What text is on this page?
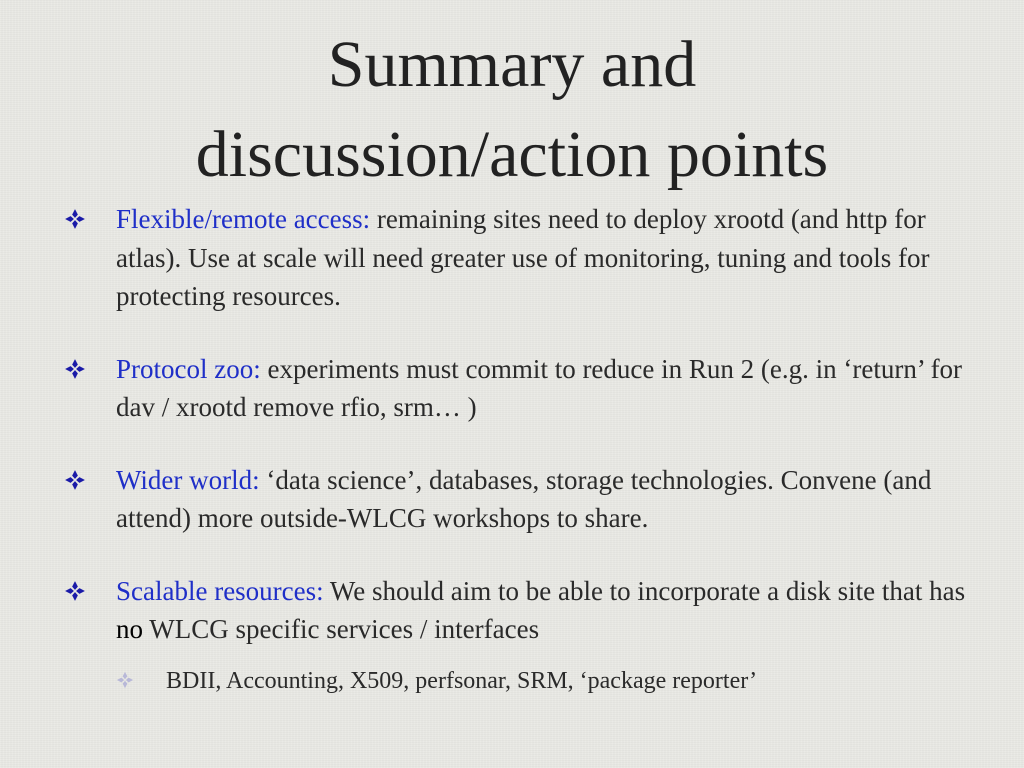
Summary and
discussion/action points
Flexible/remote access: remaining sites need to deploy xrootd (and http for atlas). Use at scale will need greater use of monitoring, tuning and tools for protecting resources.
Protocol zoo: experiments must commit to reduce in Run 2 (e.g. in ‘return’ for dav / xrootd remove rfio, srm… )
Wider world: ‘data science’, databases, storage technologies. Convene (and attend) more outside-WLCG workshops to share.
Scalable resources: We should aim to be able to incorporate a disk site that has no WLCG specific services / interfaces
BDII, Accounting, X509, perfsonar, SRM, ‘package reporter’
